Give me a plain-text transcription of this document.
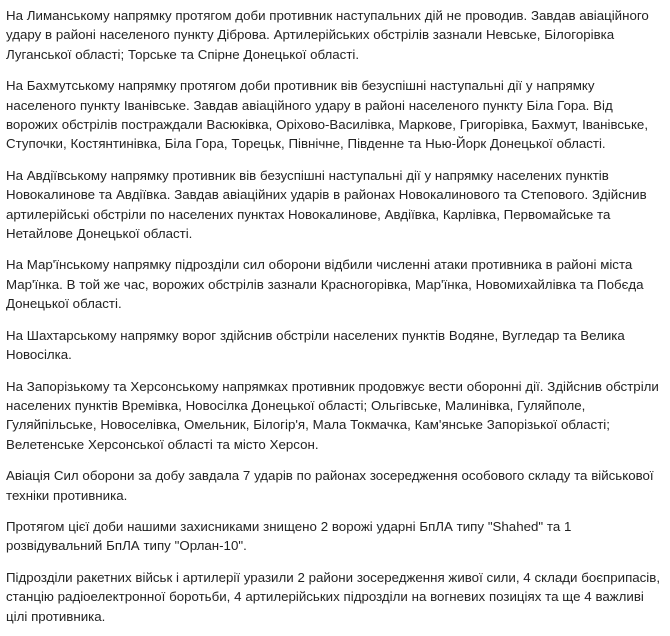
На Лиманському напрямку протягом доби противник наступальних дій не проводив. Завдав авіаційного удару в районі населеного пункту Діброва. Артилерійських обстрілів зазнали Невське, Білогорівка Луганської області; Торське та Спірне Донецької області.

На Бахмутському напрямку протягом доби противник вів безуспішні наступальні дії у напрямку населеного пункту Іванівське. Завдав авіаційного удару в районі населеного пункту Біла Гора. Від ворожих обстрілів постраждали Васюківка, Оріхово-Василівка, Маркове, Григорівка, Бахмут, Іванівське, Ступочки, Костянтинівка, Біла Гора, Торецьк, Північне, Південне та Нью-Йорк Донецької області.

На Авдіївському напрямку противник вів безуспішні наступальні дії у напрямку населених пунктів Новокалинове та Авдіївка. Завдав авіаційних ударів в районах Новокалинового та Степового. Здійснив артилерійські обстріли по населених пунктах Новокалинове, Авдіївка, Карлівка, Первомайське та Нетайлове Донецької області.

На Мар'їнському напрямку підрозділи сил оборони відбили численні атаки противника в районі міста Мар'їнка. В той же час, ворожих обстрілів зазнали Красногорівка, Мар'їнка, Новомихайлівка та Побєда Донецької області.

На Шахтарському напрямку ворог здійснив обстріли населених пунктів Водяне, Вугледар та Велика Новосілка.

На Запорізькому та Херсонському напрямках противник продовжує вести оборонні дії. Здійснив обстріли населених пунктів Времівка, Новосілка Донецької області; Ольгівське, Малинівка, Гуляйполе, Гуляйпільське, Новоселівка, Омельник, Білогір'я, Мала Токмачка, Кам'янське Запорізької області; Велетенське Херсонської області та місто Херсон.

Авіація Сил оборони за добу завдала 7 ударів по районах зосередження особового складу та військової техніки противника.

Протягом цієї доби нашими захисниками знищено 2 ворожі ударні БпЛА типу "Shahed" та 1 розвідувальний БпЛА типу "Орлан-10".

Підрозділи ракетних військ і артилерії уразили 2 райони зосередження живої сили, 4 склади боєприпасів, станцію радіоелектронної боротьби, 4 артилерійських підрозділи на вогневих позиціях та ще 4 важливі цілі противника.
